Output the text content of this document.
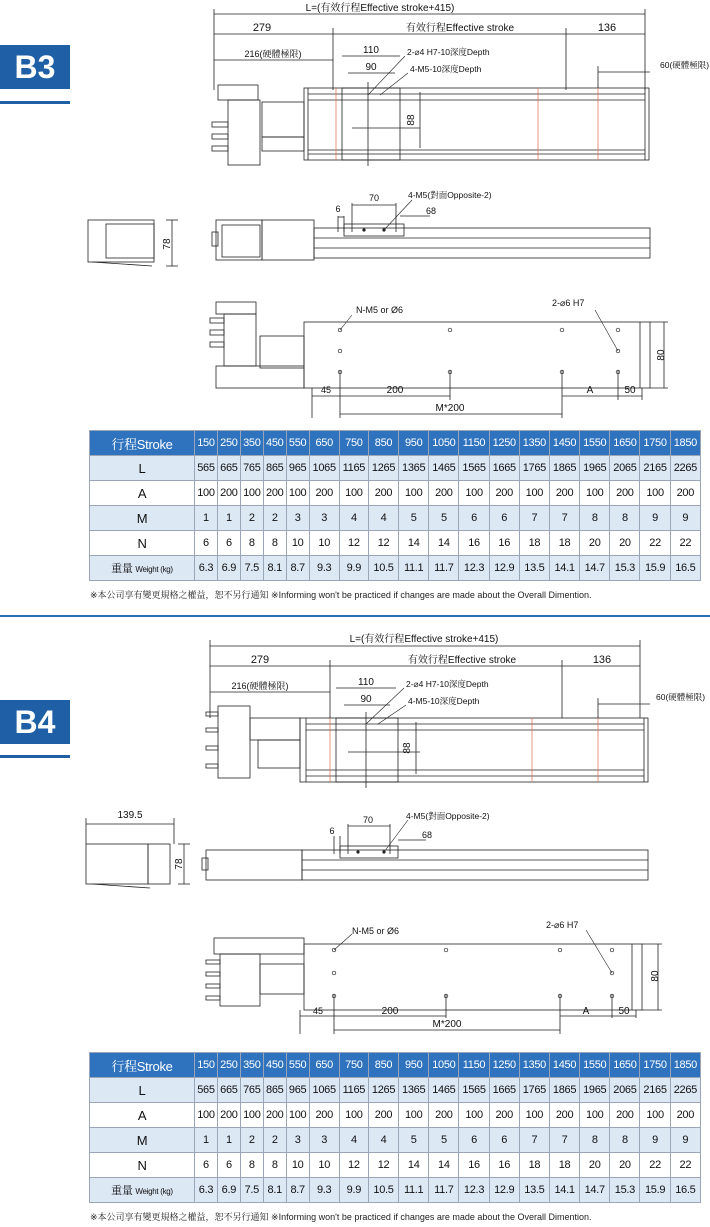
B3
L=(有效行程Effective stroke+415)
279	有效行程Effective stroke	136
216(硬體極限)	110
90
2-⌀4 H7-10深度Depth
4-M5-10深度Depth	60(硬體極限)
88
78
6
70	4-M5(對面Opposite-2)
68
N-M5 or Ø6
2-⌀6 H7
80
45	200	A	50
M*200
行程Stroke	150	250	350	450	550	650	750	850	950	1050	1150	1250	1350	1450	1550	1650	1750	1850
L	565	665	765	865	965	1065	1165	1265	1365	1465	1565	1665	1765	1865	1965	2065	2165	2265
A	100	200	100	200	100	200	100	200	100	200	100	200	100	200	100	200	100	200
M	1	1	2	2	3	3	4	4	5	5	6	6	7	7	8	8	9	9
N	6	6	8	8	10	10	12	12	14	14	16	16	18	18	20	20	22	22
重量 Weight (kg)	6.3	6.9	7.5	8.1	8.7	9.3	9.9	10.5	11.1	11.7	12.3	12.9	13.5	14.1	14.7	15.3	15.9	16.5
※本公司享有變更規格之權益，恕不另行通知 ※Informing won't be practiced if changes are made about the Overall Dimention.
B4
L=(有效行程Effective stroke+415)
279	有效行程Effective stroke	136
216(硬體極限)	110
90
2-⌀4 H7-10深度Depth
4-M5-10深度Depth	60(硬體極限)
88
139.5
78
6
70	4-M5(對面Opposite-2)
68
N-M5 or Ø6
2-⌀6 H7
80
45	200	A	50
M*200
行程Stroke	150	250	350	450	550	650	750	850	950	1050	1150	1250	1350	1450	1550	1650	1750	1850
L	565	665	765	865	965	1065	1165	1265	1365	1465	1565	1665	1765	1865	1965	2065	2165	2265
A	100	200	100	200	100	200	100	200	100	200	100	200	100	200	100	200	100	200
M	1	1	2	2	3	3	4	4	5	5	6	6	7	7	8	8	9	9
N	6	6	8	8	10	10	12	12	14	14	16	16	18	18	20	20	22	22
重量 Weight (kg)	6.3	6.9	7.5	8.1	8.7	9.3	9.9	10.5	11.1	11.7	12.3	12.9	13.5	14.1	14.7	15.3	15.9	16.5
※本公司享有變更規格之權益，恕不另行通知 ※Informing won't be practiced if changes are made about the Overall Dimention.
